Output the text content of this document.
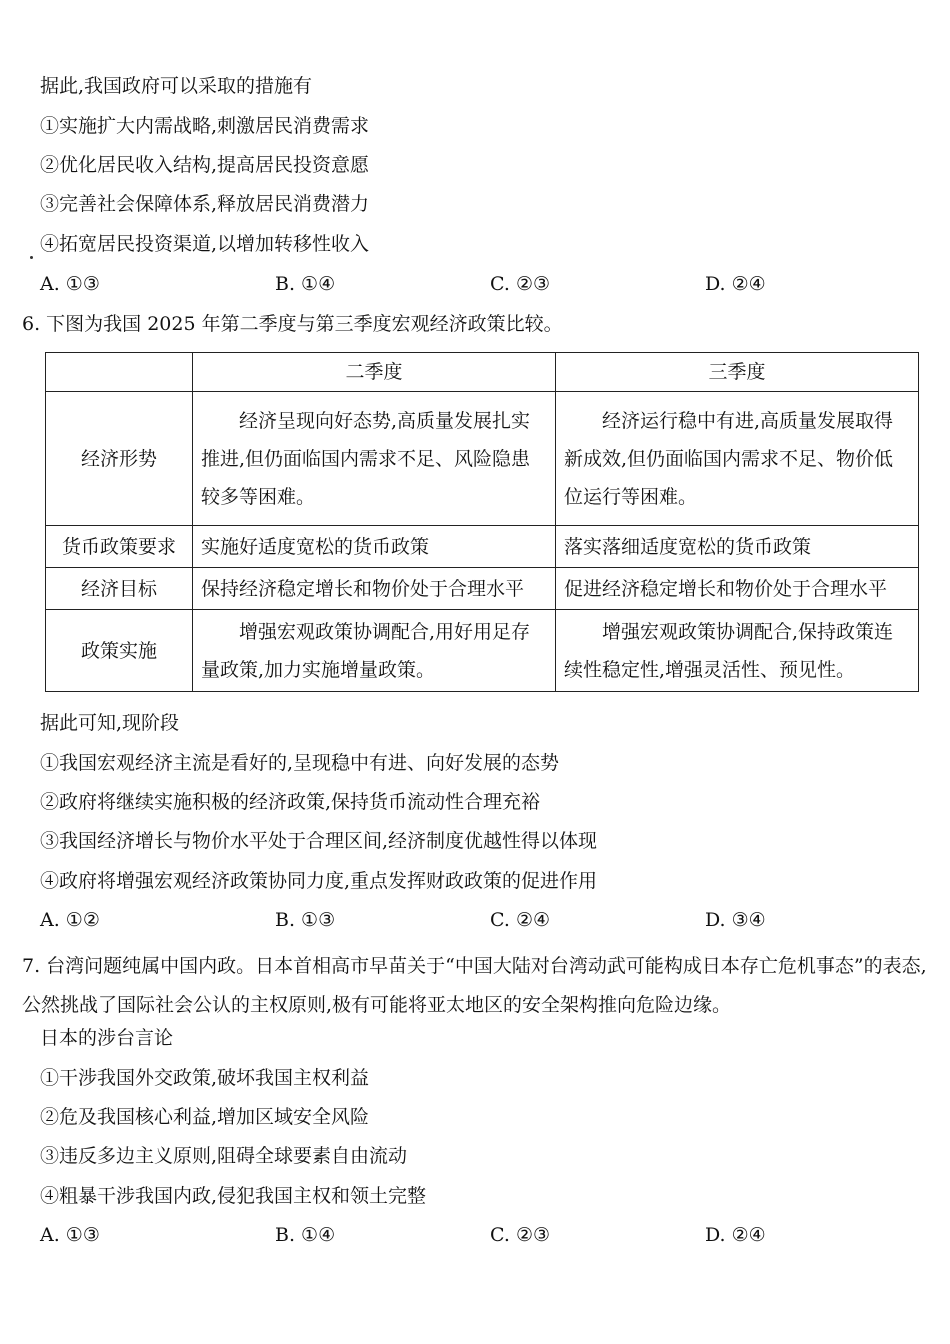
据此,我国政府可以采取的措施有
①实施扩大内需战略,刺激居民消费需求
②优化居民收入结构,提高居民投资意愿
③完善社会保障体系,释放居民消费潜力
④拓宽居民投资渠道,以增加转移性收入
A. ①③	B. ①④	C. ②③	D. ②④
6. 下图为我国 2025 年第二季度与第三季度宏观经济政策比较。
	二季度	三季度
经济形势	经济呈现向好态势,高质量发展扎实推进,但仍面临国内需求不足、风险隐患较多等困难。	经济运行稳中有进,高质量发展取得新成效,但仍面临国内需求不足、物价低位运行等困难。
货币政策要求	实施好适度宽松的货币政策	落实落细适度宽松的货币政策
经济目标	保持经济稳定增长和物价处于合理水平	促进经济稳定增长和物价处于合理水平
政策实施	增强宏观政策协调配合,用好用足存量政策,加力实施增量政策。	增强宏观政策协调配合,保持政策连续性稳定性,增强灵活性、预见性。
据此可知,现阶段
①我国宏观经济主流是看好的,呈现稳中有进、向好发展的态势
②政府将继续实施积极的经济政策,保持货币流动性合理充裕
③我国经济增长与物价水平处于合理区间,经济制度优越性得以体现
④政府将增强宏观经济政策协同力度,重点发挥财政政策的促进作用
A. ①②	B. ①③	C. ②④	D. ③④
7. 台湾问题纯属中国内政。日本首相高市早苗关于“中国大陆对台湾动武可能构成日本存亡危机事态”的表态,公然挑战了国际社会公认的主权原则,极有可能将亚太地区的安全架构推向危险边缘。
日本的涉台言论
①干涉我国外交政策,破坏我国主权利益
②危及我国核心利益,增加区域安全风险
③违反多边主义原则,阻碍全球要素自由流动
④粗暴干涉我国内政,侵犯我国主权和领土完整
A. ①③	B. ①④	C. ②③	D. ②④
